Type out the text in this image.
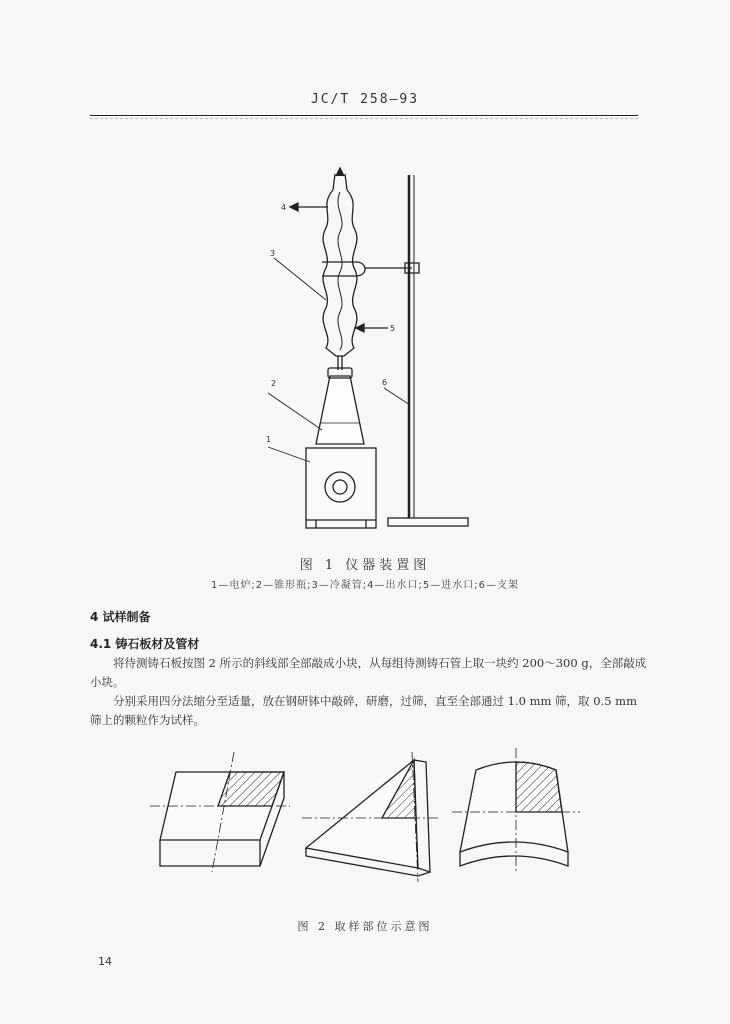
JC/T 258—93
4
3
5
2	6
1
图 1 仪器装置图
1—电炉;2—锥形瓶;3—冷凝管;4—出水口;5—进水口;6—支架
4 试样制备
4.1 铸石板材及管材

将待测铸石板按图 2 所示的斜线部全部敲成小块，从每组待测铸石管上取一块约 200～300 g，全部敲成小块。

分别采用四分法缩分至适量，放在钢研钵中敲碎，研磨，过筛，直至全部通过 1.0 mm 筛，取 0.5 mm 筛上的颗粒作为试样。

图 2 取样部位示意图
14
